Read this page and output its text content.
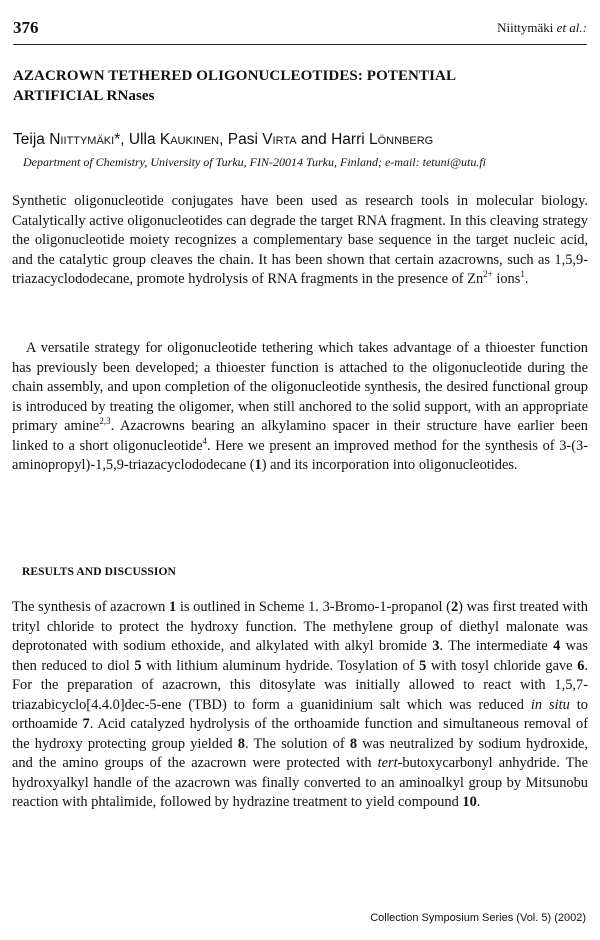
376	Niittymäki et al.:
AZACROWN TETHERED OLIGONUCLEOTIDES: POTENTIAL
ARTIFICIAL RNases
Teija Niittymäki*, Ulla Kaukinen, Pasi Virta and Harri Lönnberg
Department of Chemistry, University of Turku, FIN-20014 Turku, Finland; e-mail: tetuni@utu.fi

Synthetic oligonucleotide conjugates have been used as research tools in molecular biology. Catalytically active oligonucleotides can degrade the target RNA fragment. In this cleaving strategy the oligonucleotide moiety recognizes a complementary base sequence in the target nucleic acid, and the catalytic group cleaves the chain. It has been shown that certain azacrowns, such as 1,5,9-triazacyclododecane, promote hydrolysis of RNA fragments in the presence of $Zn^{2+}$ ions$^1$.

A versatile strategy for oligonucleotide tethering which takes advantage of a thioester function has previously been developed; a thioester function is attached to the oligonucleotide during the chain assembly, and upon completion of the oligonucleotide synthesis, the desired functional group is introduced by treating the oligomer, when still anchored to the solid support, with an appropriate primary amine$^{2,3}$. Azacrowns bearing an alkylamino spacer in their structure have earlier been linked to a short oligonucleotide$^4$. Here we present an improved method for the synthesis of 3-(3-aminopropyl)-1,5,9-triazacyclododecane (1) and its incorporation into oligonucleotides.

RESULTS AND DISCUSSION

The synthesis of azacrown 1 is outlined in Scheme 1. 3-Bromo-1-propanol (2) was first treated with trityl chloride to protect the hydroxy function. The methylene group of diethyl malonate was deprotonated with sodium ethoxide, and alkylated with alkyl bromide 3. The intermediate 4 was then reduced to diol 5 with lithium aluminum hydride. Tosylation of 5 with tosyl chloride gave 6. For the preparation of azacrown, this ditosylate was initially allowed to react with 1,5,7-triazabicyclo[4.4.0]dec-5-ene (TBD) to form a guanidinium salt which was reduced in situ to orthoamide 7. Acid catalyzed hydrolysis of the orthoamide function and simultaneous removal of the hydroxy protecting group yielded 8. The solution of 8 was neutralized by sodium hydroxide, and the amino groups of the azacrown were protected with tert-butoxycarbonyl anhydride. The hydroxyalkyl handle of the azacrown was finally converted to an aminoalkyl group by Mitsunobu reaction with phtalimide, followed by hydrazine treatment to yield compound 10.

Collection Symposium Series (Vol. 5) (2002)
